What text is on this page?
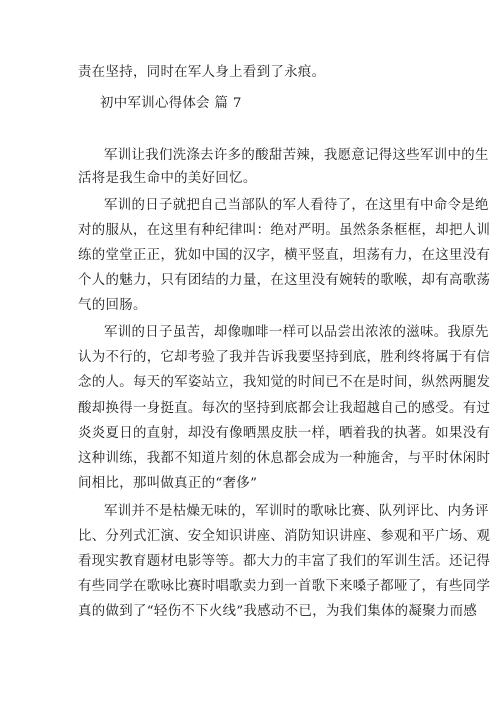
责在坚持，同时在军人身上看到了永痕。
初中军训心得体会 篇 7
军训让我们洗涤去许多的酸甜苦辣，我愿意记得这些军训中的生
活将是我生命中的美好回忆。
军训的日子就把自己当部队的军人看待了，在这里有中命令是绝
对的服从，在这里有种纪律叫：绝对严明。虽然条条框框，却把人训
练的堂堂正正，犹如中国的汉字，横平竖直，坦荡有力，在这里没有
个人的魅力，只有团结的力量，在这里没有婉转的歌喉，却有高歌荡
气的回肠。
军训的日子虽苦，却像咖啡一样可以品尝出浓浓的滋味。我原先
认为不行的，它却考验了我并告诉我要坚持到底，胜利终将属于有信
念的人。每天的军姿站立，我知觉的时间已不在是时间，纵然两腿发
酸却换得一身挺直。每次的坚持到底都会让我超越自己的感受。有过
炎炎夏日的直射，却没有像晒黑皮肤一样，晒着我的执著。如果没有
这种训练，我都不知道片刻的休息都会成为一种施舍，与平时休闲时
间相比，那叫做真正的“奢侈”
军训并不是枯燥无味的，军训时的歌咏比赛、队列评比、内务评
比、分列式汇演、安全知识讲座、消防知识讲座、参观和平广场、观
看现实教育题材电影等等。都大力的丰富了我们的军训生活。还记得
有些同学在歌咏比赛时唱歌卖力到一首歌下来嗓子都哑了，有些同学
真的做到了“轻伤不下火线”我感动不已，为我们集体的凝聚力而感
